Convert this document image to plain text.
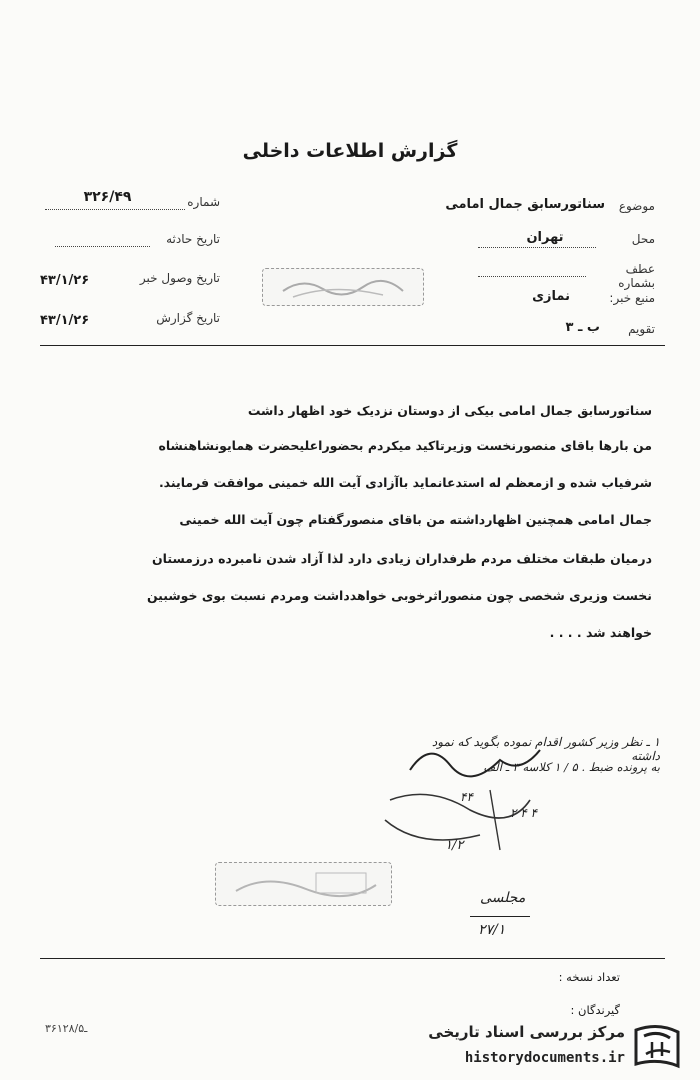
گزارش اطلاعات داخلی
موضوع
سناتورسابق جمال امامی
محل
تهران
عطف بشماره
منبع خبر:
نمازی
تقویم
ب ـ ۳
شماره
۳۲۶/۴۹
تاریخ حادثه
تاریخ وصول خبر
۴۳/۱/۲۶
تاریخ گزارش
۴۳/۱/۲۶
سناتورسابق جمال امامی بیکی از دوستان نزدیک خود اظهار داشت
من بارها باقای منصورنخست وزیرتاکید میکردم بحضوراعلیحضرت همایونشاهنشاه
شرفیاب شده و ازمعظم له استدعانماید باآزادی آیت الله خمینی موافقت فرمایند.
جمال امامی همچنین اظهارداشته من باقای منصورگفتام چون آیت الله خمینی
درمیان طبقات مختلف مردم طرفداران زیادی دارد لذا آزاد شدن نامبرده درزمستان
نخست وزیری شخصی چون منصوراثرخوبی خواهدداشت ومردم نسبت بوی خوشبین
خواهند شد . . . .
۱ ـ نظر وزیر کشور اقدام نموده بگوید که نمود داشته
به پرونده ضبط . ۵ / ۱ کلاسه ۳ ـ الف
۴۴
۲ ۴ ۴
۱/۲
مجلسی
۲۷/۱
تعداد نسخه :
گیرندگان :
۳۶ـ۱۲۸/۵	مرکز بررسی اسناد تاریخی
historydocuments.ir
